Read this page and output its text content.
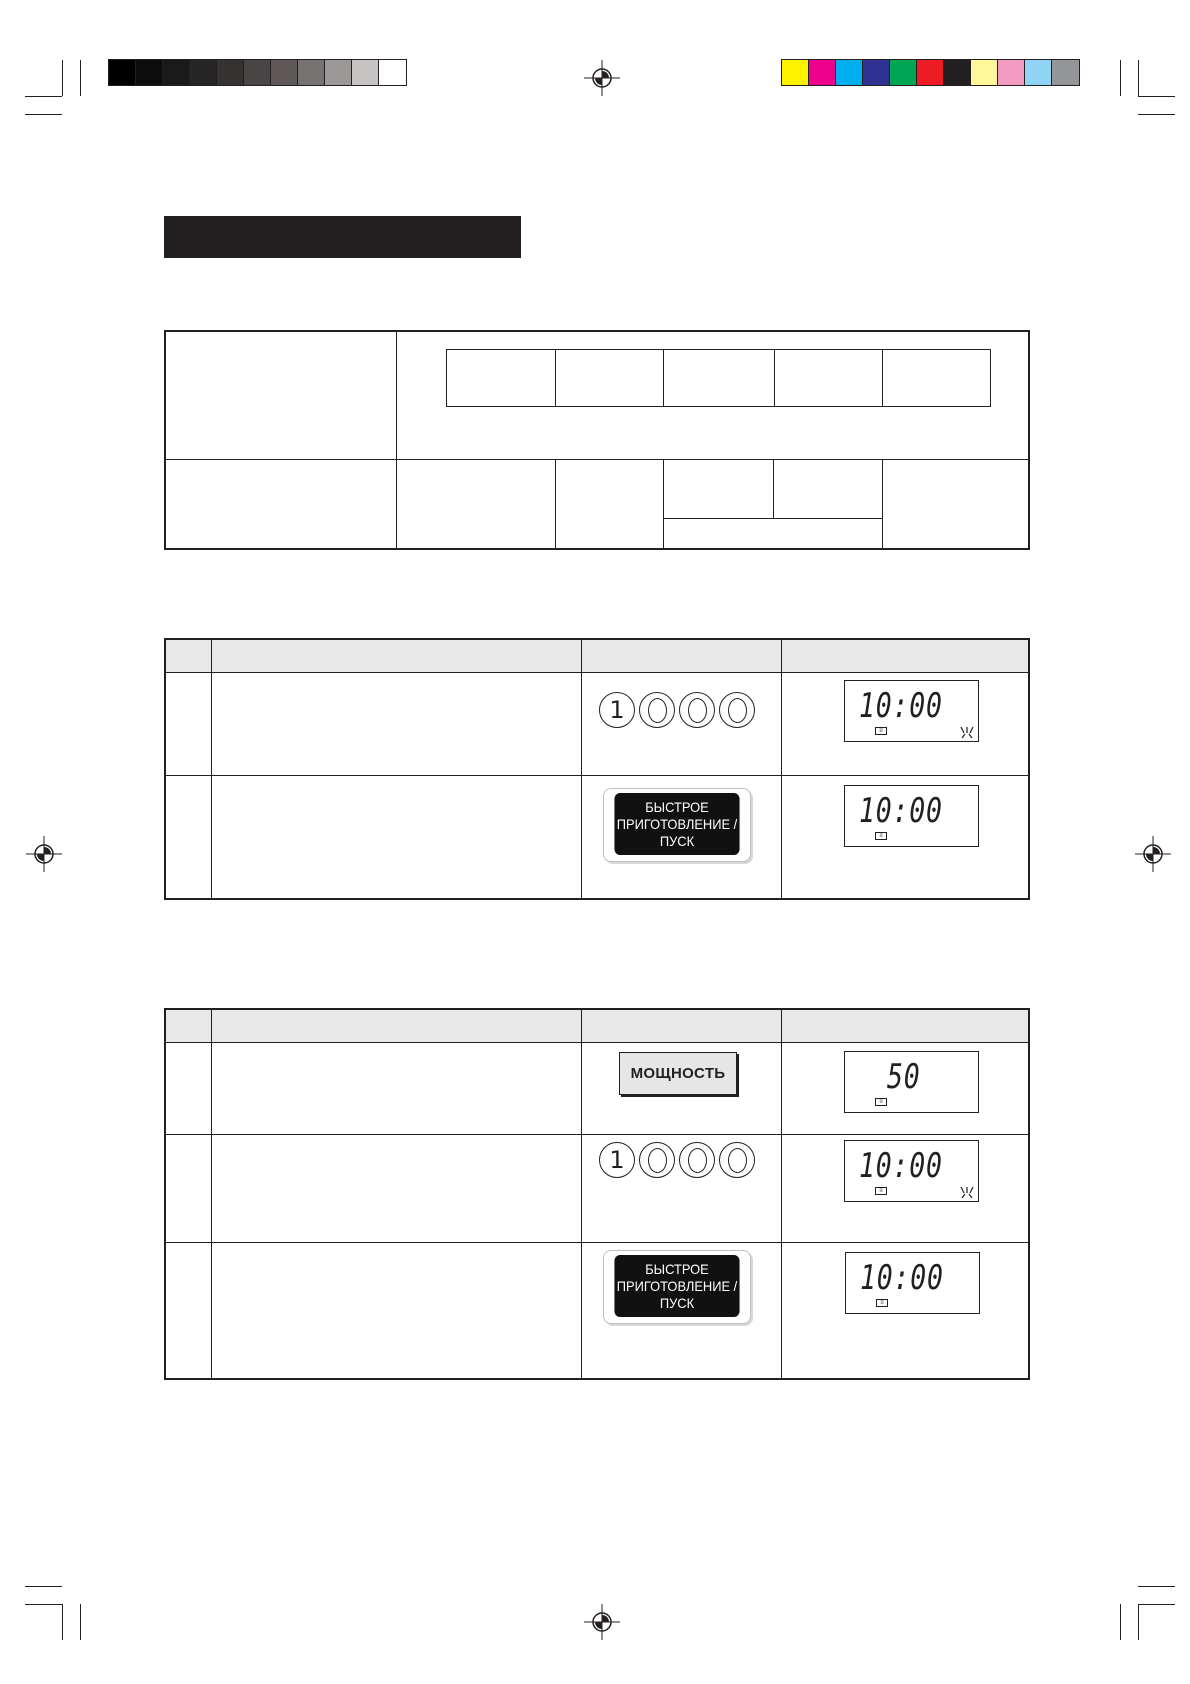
1	10:00
≡
БЫСТРОЕ
ПРИГОТОВЛЕНИЕ /
ПУСК
10:00
≡
МОЩНОСТЬ	50
≡
1	10:00
≡
БЫСТРОЕ
ПРИГОТОВЛЕНИЕ /
ПУСК
10:00
≡
